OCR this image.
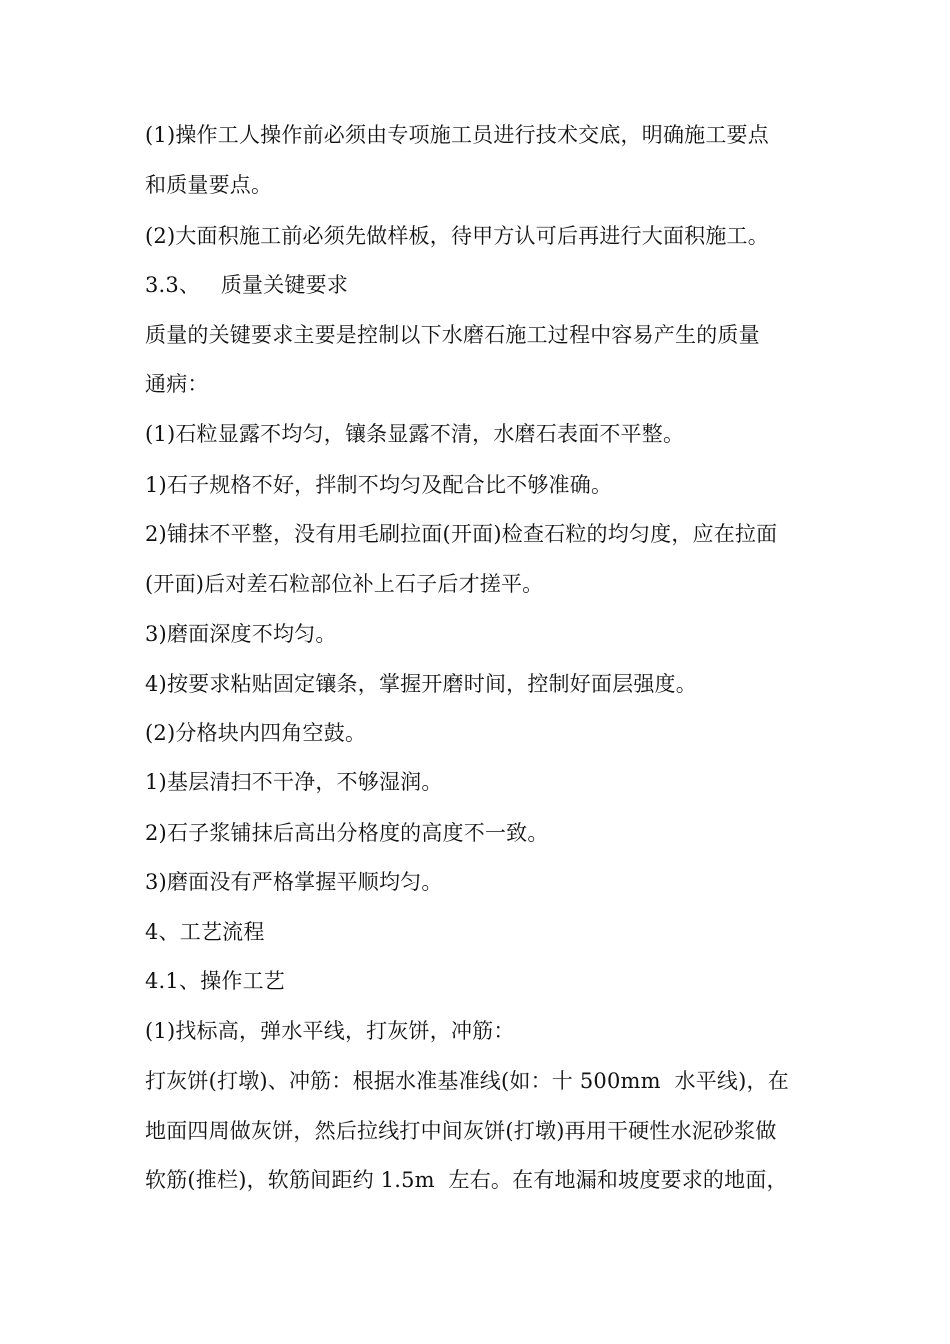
(1)操作工人操作前必须由专项施工员进行技术交底，明确施工要点
和质量要点。
(2)大面积施工前必须先做样板，待甲方认可后再进行大面积施工。
3.3、   质量关键要求
质量的关键要求主要是控制以下水磨石施工过程中容易产生的质量
通病：
(1)石粒显露不均匀，镶条显露不清，水磨石表面不平整。
1)石子规格不好，拌制不均匀及配合比不够准确。
2)铺抹不平整，没有用毛刷拉面(开面)检查石粒的均匀度，应在拉面
(开面)后对差石粒部位补上石子后才搓平。
3)磨面深度不均匀。
4)按要求粘贴固定镶条，掌握开磨时间，控制好面层强度。
(2)分格块内四角空鼓。
1)基层清扫不干净，不够湿润。
2)石子浆铺抹后高出分格度的高度不一致。
3)磨面没有严格掌握平顺均匀。
4、工艺流程
4.1、操作工艺
(1)找标高，弹水平线，打灰饼，冲筋：
打灰饼(打墩)、冲筋：根据水准基准线(如：十 500mm  水平线)，在
地面四周做灰饼，然后拉线打中间灰饼(打墩)再用干硬性水泥砂浆做
软筋(推栏)，软筋间距约 1.5m  左右。在有地漏和坡度要求的地面，
